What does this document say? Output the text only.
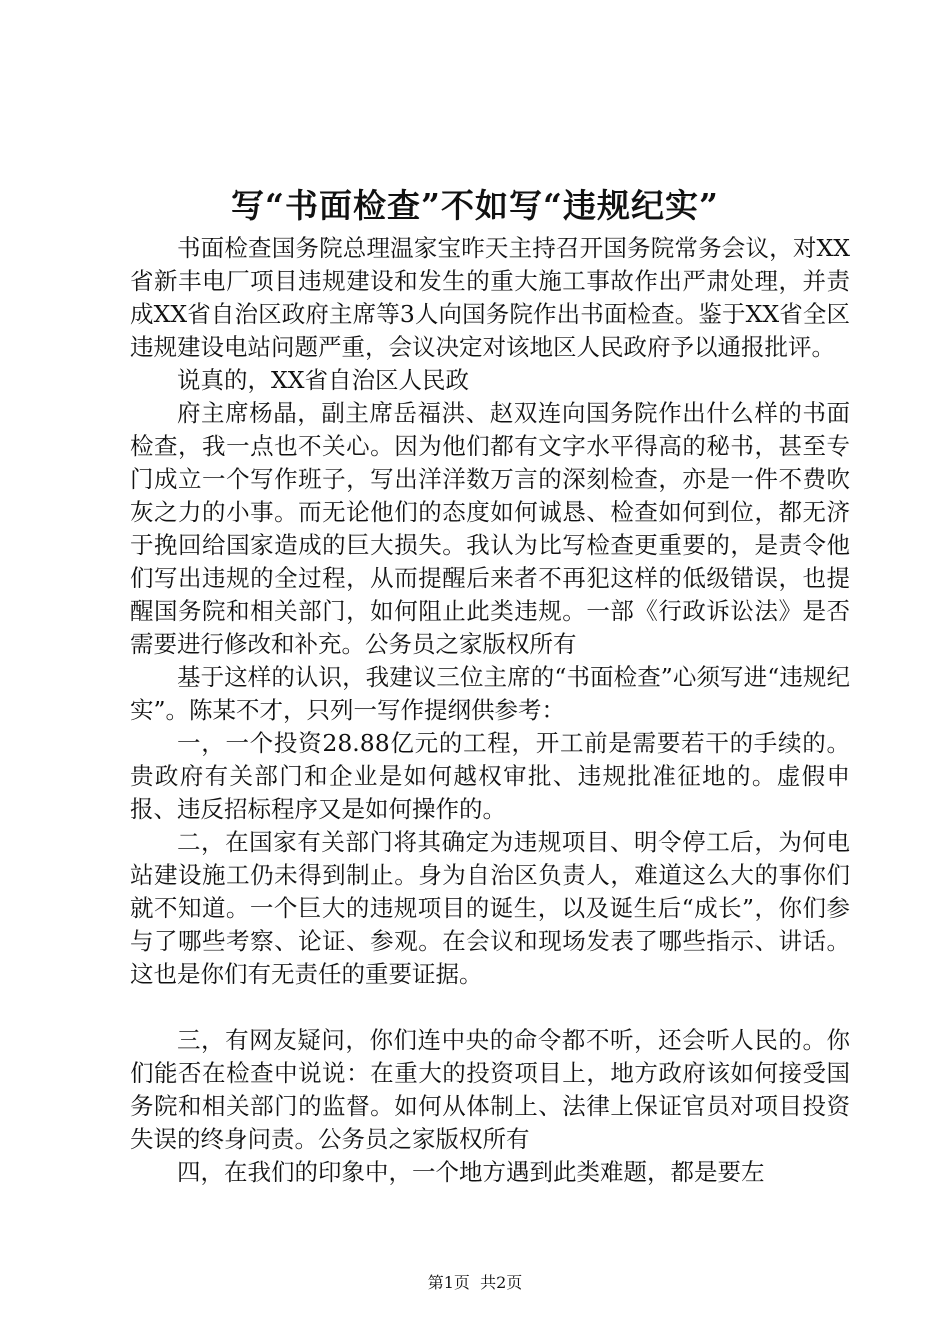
写“书面检查”不如写“违规纪实”

书面检查国务院总理温家宝昨天主持召开国务院常务会议，对XX省新丰电厂项目违规建设和发生的重大施工事故作出严肃处理，并责成XX省自治区政府主席等3人向国务院作出书面检查。鉴于XX省全区违规建设电站问题严重，会议决定对该地区人民政府予以通报批评。

说真的，XX省自治区人民政

府主席杨晶，副主席岳福洪、赵双连向国务院作出什么样的书面检查，我一点也不关心。因为他们都有文字水平得高的秘书，甚至专门成立一个写作班子，写出洋洋数万言的深刻检查，亦是一件不费吹灰之力的小事。而无论他们的态度如何诚恳、检查如何到位，都无济于挽回给国家造成的巨大损失。我认为比写检查更重要的，是责令他们写出违规的全过程，从而提醒后来者不再犯这样的低级错误，也提醒国务院和相关部门，如何阻止此类违规。一部《行政诉讼法》是否需要进行修改和补充。公务员之家版权所有

基于这样的认识，我建议三位主席的“书面检查”心须写进“违规纪实”。陈某不才，只列一写作提纲供参考：

一，一个投资28.88亿元的工程，开工前是需要若干的手续的。贵政府有关部门和企业是如何越权审批、违规批准征地的。虚假申报、违反招标程序又是如何操作的。

二，在国家有关部门将其确定为违规项目、明令停工后，为何电站建设施工仍未得到制止。身为自治区负责人，难道这么大的事你们就不知道。一个巨大的违规项目的诞生，以及诞生后“成长”，你们参与了哪些考察、论证、参观。在会议和现场发表了哪些指示、讲话。这也是你们有无责任的重要证据。

三，有网友疑问，你们连中央的命令都不听，还会听人民的。你们能否在检查中说说：在重大的投资项目上，地方政府该如何接受国务院和相关部门的监督。如何从体制上、法律上保证官员对项目投资失误的终身问责。公务员之家版权所有

四，在我们的印象中，一个地方遇到此类难题，都是要左

第1页 共2页
